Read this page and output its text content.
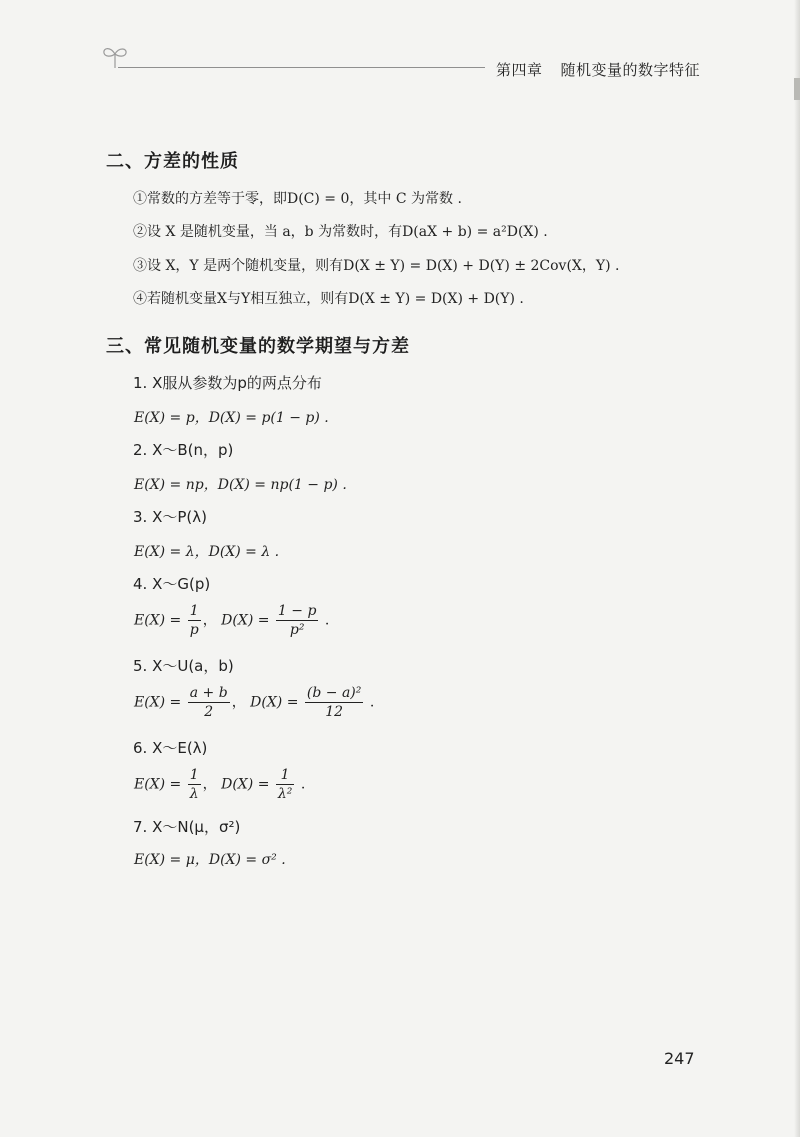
第四章 随机变量的数字特征
二、方差的性质
①常数的方差等于零，即D(C) = 0，其中 C 为常数 .
②设 X 是随机变量，当 a，b 为常数时，有D(aX + b) = a²D(X) .
③设 X，Y 是两个随机变量，则有D(X ± Y) = D(X) + D(Y) ± 2Cov(X，Y) .
④若随机变量X与Y相互独立，则有D(X ± Y) = D(X) + D(Y) .
三、常见随机变量的数学期望与方差
1. X服从参数为p的两点分布
E(X) = p，D(X) = p(1 − p) .
2. X～B(n，p)
E(X) = np，D(X) = np(1 − p) .
3. X～P(λ)
E(X) = λ，D(X) = λ .
4. X～G(p)
$E(X) = \frac{1}{p}$ ， $D(X) = \frac{1 - p}{\text{p²}}$ .
5. X～U(a，b)
$E(X) = \frac{a + b}{2}$ ， $D(X) = \frac{\text{(b − a)²}}{12}$ .
6. X～E(λ)
$E(X) = \frac{1}{\lambda}$ ， $D(X) = \frac{1}{\text{λ²}}$ .
7. X～N(μ，σ²)
E(X) = μ，D(X) = σ² .
247
